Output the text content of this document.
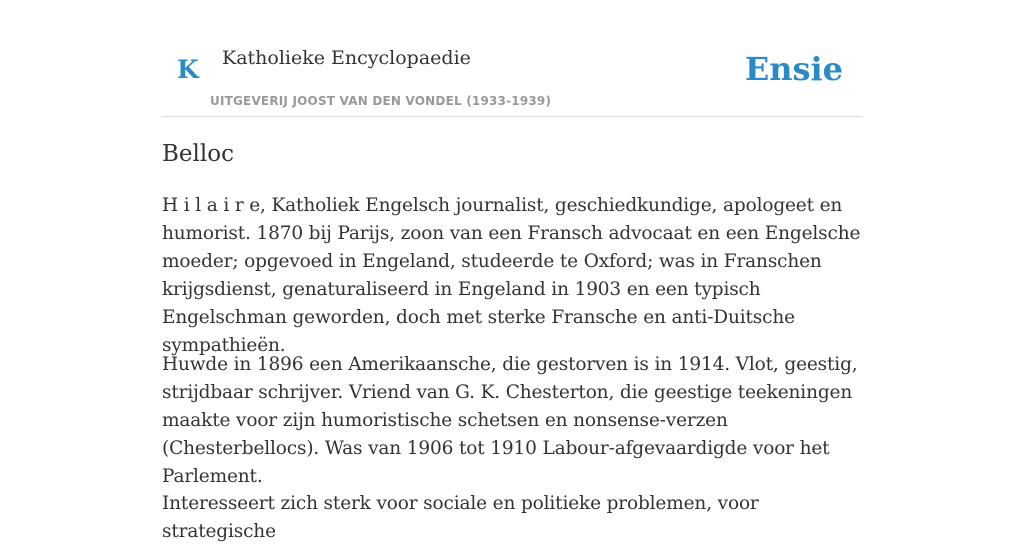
K Katholieke Encyclopaedie
UITGEVERIJ JOOST VAN DEN VONDEL (1933-1939)
Ensie
Belloc

H i l a i r e, Katholiek Engelsch journalist, geschiedkundige, apologeet en humorist. 1870 bij Parijs, zoon van een Fransch advocaat en een Engelsche moeder; opgevoed in Engeland, studeerde te Oxford; was in Franschen krijgsdienst, genaturaliseerd in Engeland in 1903 en een typisch Engelschman geworden, doch met sterke Fransche en anti-Duitsche sympathieën.

Huwde in 1896 een Amerikaansche, die gestorven is in 1914. Vlot, geestig, strijdbaar schrijver. Vriend van G. K. Chesterton, die geestige teekeningen maakte voor zijn humoristische schetsen en nonsense-verzen (Chesterbellocs). Was van 1906 tot 1910 Labour-afgevaardigde voor het Parlement.

Interesseert zich sterk voor sociale en politieke problemen, voor strategische
